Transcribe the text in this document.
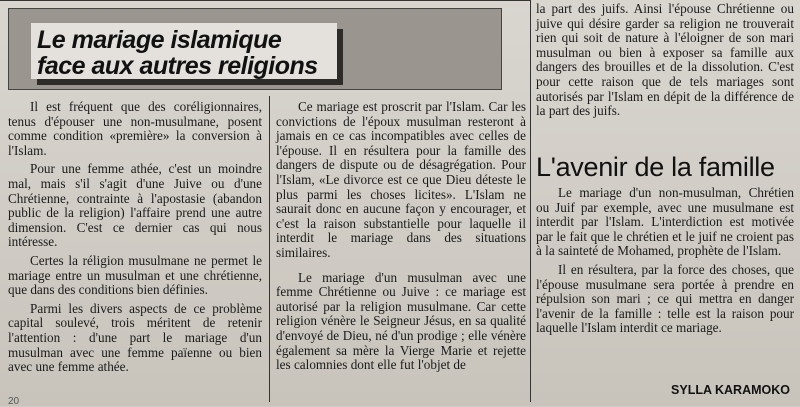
Le mariage islamique
face aux autres religions

Il est fréquent que des coréligionnaires, tenus d'épouser une non-musulmane, posent comme condition «première» la conversion à l'Islam.

Pour une femme athée, c'est un moindre mal, mais s'il s'agit d'une Juive ou d'une Chrétienne, contrainte à l'apostasie (abandon public de la religion) l'affaire prend une autre dimension. C'est ce dernier cas qui nous intéresse.

Certes la réligion musulmane ne permet le mariage entre un musulman et une chrétienne, que dans des conditions bien définies.

Parmi les divers aspects de ce problème capital soulevé, trois méritent de retenir l'attention : d'une part le mariage d'un musulman avec une femme païenne ou bien avec une femme athée.

Ce mariage est proscrit par l'Islam. Car les convictions de l'époux musulman resteront à jamais en ce cas incompatibles avec celles de l'épouse. Il en résultera pour la famille des dangers de dispute ou de désagrégation. Pour l'Islam, «Le divorce est ce que Dieu déteste le plus parmi les choses licites». L'Islam ne saurait donc en aucune façon y encourager, et c'est la raison substantielle pour laquelle il interdit le mariage dans des situations similaires.

Le mariage d'un musulman avec une femme Chrétienne ou Juive : ce mariage est autorisé par la religion musulmane. Car cette religion vénère le Seigneur Jésus, en sa qualité d'envoyé de Dieu, né d'un prodige ; elle vénère également sa mère la Vierge Marie et rejette les calomnies dont elle fut l'objet de

la part des juifs. Ainsi l'épouse Chrétienne ou juive qui désire garder sa religion ne trouverait rien qui soit de nature à l'éloigner de son mari musulman ou bien à exposer sa famille aux dangers des brouilles et de la dissolution. C'est pour cette raison que de tels mariages sont autorisés par l'Islam en dépit de la différence de la part des juifs.

L'avenir de la famille

Le mariage d'un non-musulman, Chrétien ou Juif par exemple, avec une musulmane est interdit par l'Islam. L'interdiction est motivée par le fait que le chrétien et le juif ne croient pas à la sainteté de Mohamed, prophète de l'Islam.

Il en résultera, par la force des choses, que l'épouse musulmane sera portée à prendre en répulsion son mari ; ce qui mettra en danger l'avenir de la famille : telle est la raison pour laquelle l'Islam interdit ce mariage.

SYLLA KARAMOKO
20
